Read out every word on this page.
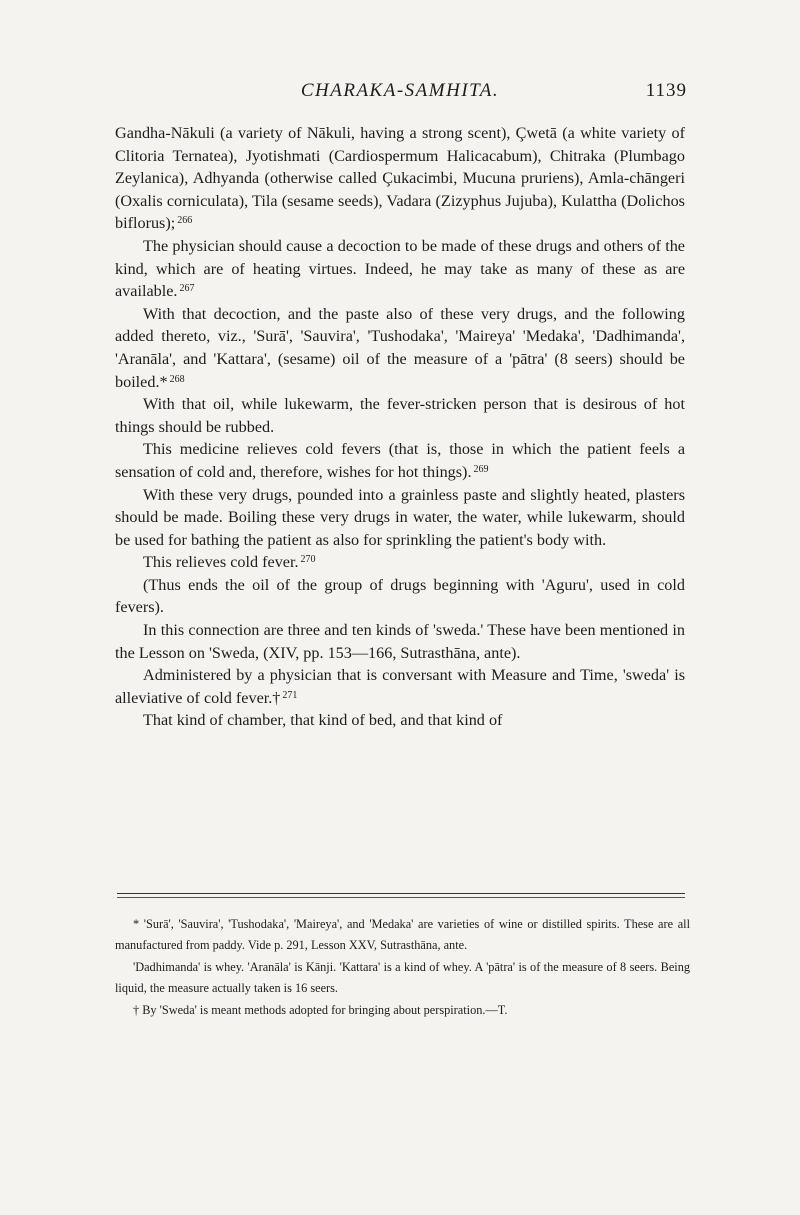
CHARAKA-SAMHITA.	1139

Gandha-Nākuli (a variety of Nākuli, having a strong scent), Çwetā (a white variety of Clitoria Ternatea), Jyotishmati (Cardiospermum Halicacabum), Chitraka (Plumbago Zeylanica), Adhyanda (otherwise called Çukacimbi, Mucuna pruriens), Amla-chāngeri (Oxalis corniculata), Tila (sesame seeds), Vadara (Zizyphus Jujuba), Kulattha (Dolichos biflorus); $^{266}$

The physician should cause a decoction to be made of these drugs and others of the kind, which are of heating virtues. Indeed, he may take as many of these as are available. $^{267}$

With that decoction, and the paste also of these very drugs, and the following added thereto, viz., 'Surā', 'Sauvira', 'Tushodaka', 'Maireya' 'Medaka', 'Dadhimanda', 'Aranāla', and 'Kattara', (sesame) oil of the measure of a 'pātra' (8 seers) should be boiled.* $^{268}$

With that oil, while lukewarm, the fever-stricken person that is desirous of hot things should be rubbed.

This medicine relieves cold fevers (that is, those in which the patient feels a sensation of cold and, therefore, wishes for hot things). $^{269}$

With these very drugs, pounded into a grainless paste and slightly heated, plasters should be made. Boiling these very drugs in water, the water, while lukewarm, should be used for bathing the patient as also for sprinkling the patient's body with.

This relieves cold fever. $^{270}$

(Thus ends the oil of the group of drugs beginning with 'Aguru', used in cold fevers).

In this connection are three and ten kinds of 'sweda.' These have been mentioned in the Lesson on 'Sweda, (XIV, pp. 153—166, Sutrasthāna, ante).

Administered by a physician that is conversant with Measure and Time, 'sweda' is alleviative of cold fever.† $^{271}$

That kind of chamber, that kind of bed, and that kind of

* 'Surā', 'Sauvira', 'Tushodaka', 'Maireya', and 'Medaka' are varieties of wine or distilled spirits. These are all manufactured from paddy. Vide p. 291, Lesson XXV, Sutrasthāna, ante.

'Dadhimanda' is whey. 'Aranāla' is Kānji. 'Kattara' is a kind of whey. A 'pātra' is of the measure of 8 seers. Being liquid, the measure actually taken is 16 seers.

† By 'Sweda' is meant methods adopted for bringing about perspiration.—T.
